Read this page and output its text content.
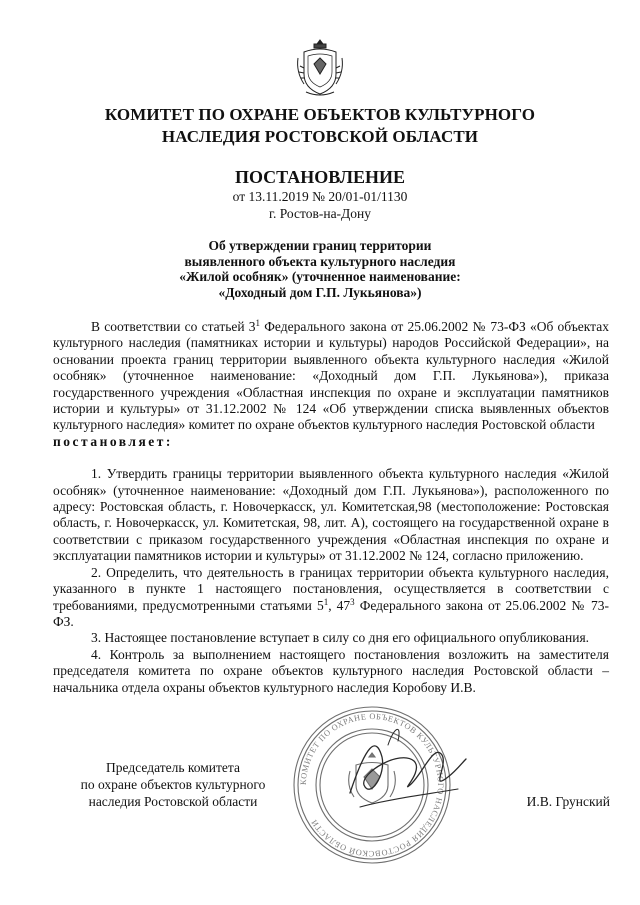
КОМИТЕТ ПО ОХРАНЕ ОБЪЕКТОВ КУЛЬТУРНОГО
НАСЛЕДИЯ РОСТОВСКОЙ ОБЛАСТИ
ПОСТАНОВЛЕНИЕ
от 13.11.2019 № 20/01-01/1130
г. Ростов-на-Дону
Об утверждении границ территории
выявленного объекта культурного наследия
«Жилой особняк» (уточненное наименование:
«Доходный дом Г.П. Лукьянова»)

В соответствии со статьей $3^1$ Федерального закона от 25.06.2002 № 73-ФЗ «Об объектах культурного наследия (памятниках истории и культуры) народов Российской Федерации», на основании проекта границ территории выявленного объекта культурного наследия «Жилой особняк» (уточненное наименование: «Доходный дом Г.П. Лукьянова»), приказа государственного учреждения «Областная инспекция по охране и эксплуатации памятников истории и культуры» от 31.12.2002 № 124 «Об утверждении списка выявленных объектов культурного наследия» комитет по охране объектов культурного наследия Ростовской области

постановляет:

1. Утвердить границы территории выявленного объекта культурного наследия «Жилой особняк» (уточненное наименование: «Доходный дом Г.П. Лукьянова»), расположенного по адресу: Ростовская область, г. Новочеркасск, ул. Комитетская,98 (местоположение: Ростовская область, г. Новочеркасск, ул. Комитетская, 98, лит. А), состоящего на государственной охране в соответствии с приказом государственного учреждения «Областная инспекция по охране и эксплуатации памятников истории и культуры» от 31.12.2002 № 124, согласно приложению.

2. Определить, что деятельность в границах территории объекта культурного наследия, указанного в пункте 1 настоящего постановления, осуществляется в соответствии с требованиями, предусмотренными статьями $5^1$, $47^3$ Федерального закона от 25.06.2002 № 73-ФЗ.

3. Настоящее постановление вступает в силу со дня его официального опубликования.

4. Контроль за выполнением настоящего постановления возложить на заместителя председателя комитета по охране объектов культурного наследия Ростовской области – начальника отдела охраны объектов культурного наследия Коробову И.В.

Председатель комитета
по охране объектов культурного
наследия Ростовской области
КОМИТЕТ ПО ОХРАНЕ ОБЪЕКТОВ КУЛЬТУРНОГО НАСЛЕДИЯ РОСТОВСКОЙ ОБЛАСТИ
И.В. Грунский
